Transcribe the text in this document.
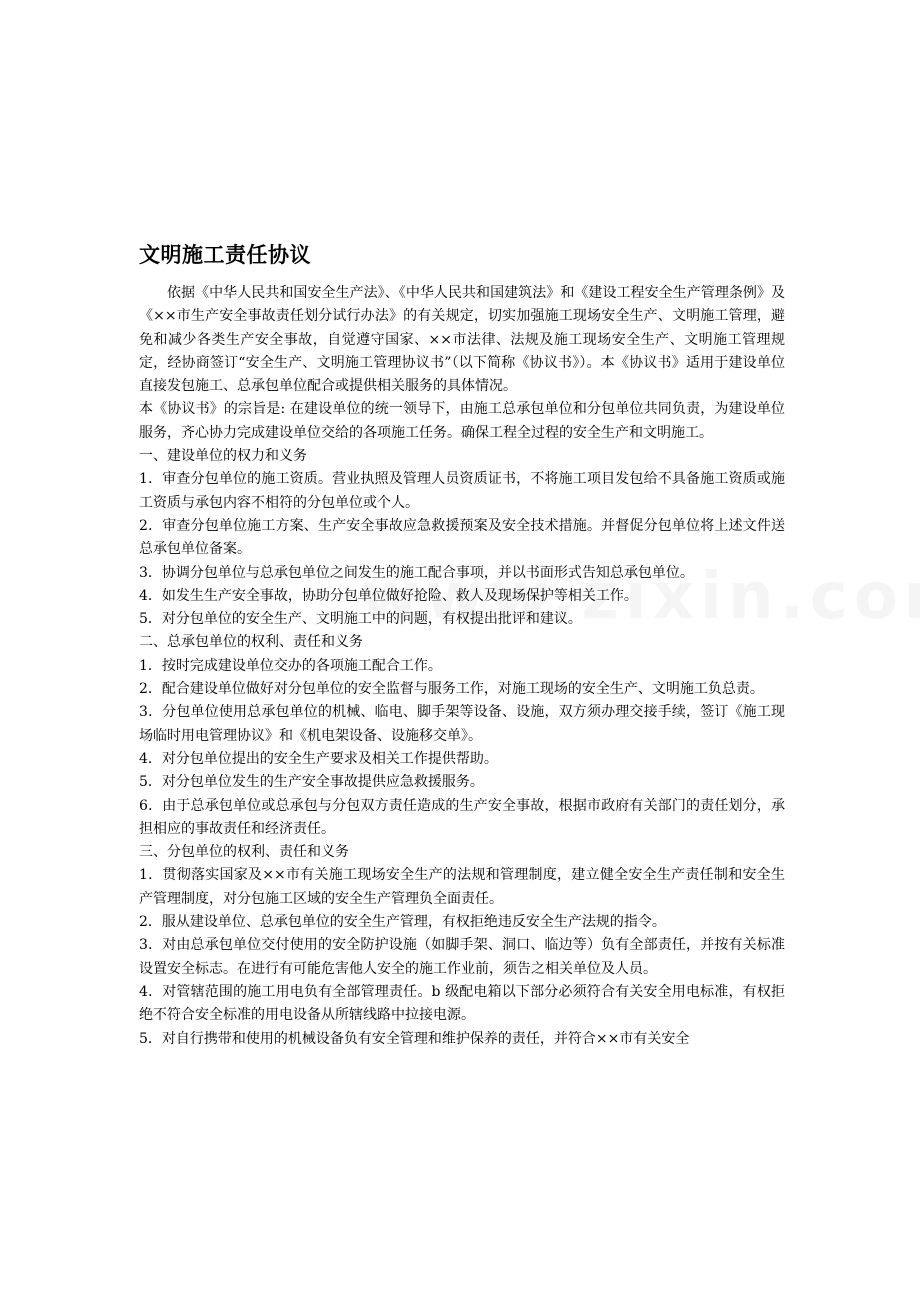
文明施工责任协议

依据《中华人民共和国安全生产法》、《中华人民共和国建筑法》和《建设工程安全生产管理条例》及《××市生产安全事故责任划分试行办法》的有关规定，切实加强施工现场安全生产、文明施工管理，避免和减少各类生产安全事故，自觉遵守国家、××市法律、法规及施工现场安全生产、文明施工管理规定，经协商签订“安全生产、文明施工管理协议书”（以下简称《协议书》）。本《协议书》适用于建设单位直接发包施工、总承包单位配合或提供相关服务的具体情况。

本《协议书》的宗旨是: 在建设单位的统一领导下，由施工总承包单位和分包单位共同负责，为建设单位服务，齐心协力完成建设单位交给的各项施工任务。确保工程全过程的安全生产和文明施工。

一、建设单位的权力和义务

1．审查分包单位的施工资质。营业执照及管理人员资质证书，不将施工项目发包给不具备施工资质或施工资质与承包内容不相符的分包单位或个人。

2．审查分包单位施工方案、生产安全事故应急救援预案及安全技术措施。并督促分包单位将上述文件送总承包单位备案。

3．协调分包单位与总承包单位之间发生的施工配合事项，并以书面形式告知总承包单位。

4．如发生生产安全事故，协助分包单位做好抢险、救人及现场保护等相关工作。

5．对分包单位的安全生产、文明施工中的问题，有权提出批评和建议。

二、总承包单位的权利、责任和义务

1．按时完成建设单位交办的各项施工配合工作。

2．配合建设单位做好对分包单位的安全监督与服务工作，对施工现场的安全生产、文明施工负总责。

3．分包单位使用总承包单位的机械、临电、脚手架等设备、设施，双方须办理交接手续，签订《施工现场临时用电管理协议》和《机电架设备、设施移交单》。

4．对分包单位提出的安全生产要求及相关工作提供帮助。

5．对分包单位发生的生产安全事故提供应急救援服务。

6．由于总承包单位或总承包与分包双方责任造成的生产安全事故，根据市政府有关部门的责任划分，承担相应的事故责任和经济责任。

三、分包单位的权利、责任和义务

1．贯彻落实国家及××市有关施工现场安全生产的法规和管理制度，建立健全安全生产责任制和安全生产管理制度，对分包施工区域的安全生产管理负全面责任。

2．服从建设单位、总承包单位的安全生产管理，有权拒绝违反安全生产法规的指令。

3．对由总承包单位交付使用的安全防护设施（如脚手架、洞口、临边等）负有全部责任，并按有关标准设置安全标志。在进行有可能危害他人安全的施工作业前，须告之相关单位及人员。

4．对管辖范围的施工用电负有全部管理责任。b 级配电箱以下部分必须符合有关安全用电标准，有权拒绝不符合安全标准的用电设备从所辖线路中拉接电源。

5．对自行携带和使用的机械设备负有安全管理和维护保养的责任，并符合××市有关安全
